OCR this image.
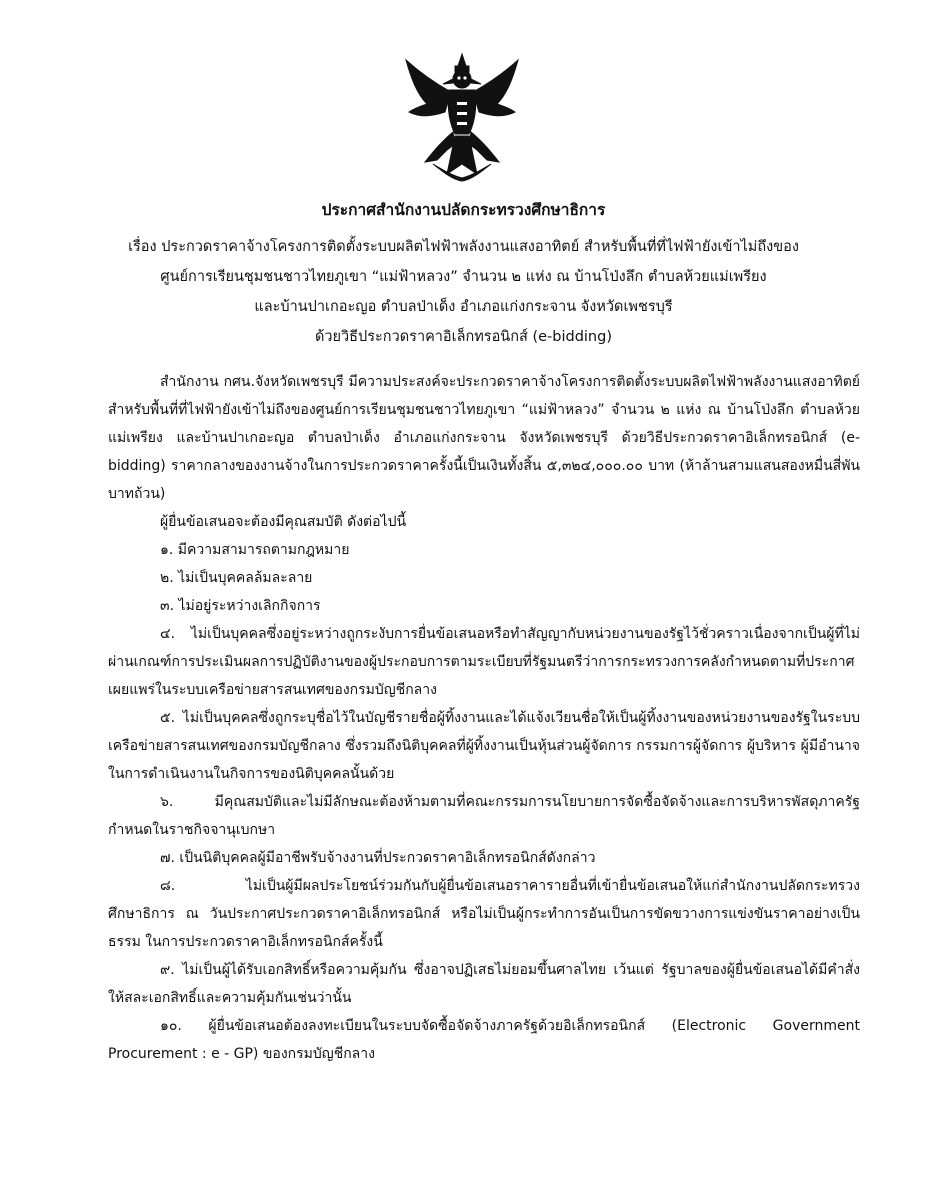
ประกาศสำนักงานปลัดกระทรวงศึกษาธิการ

เรื่อง ประกวดราคาจ้างโครงการติดตั้งระบบผลิตไฟฟ้าพลังงานแสงอาทิตย์ สำหรับพื้นที่ที่ไฟฟ้ายังเข้าไม่ถึงของ

ศูนย์การเรียนชุมชนชาวไทยภูเขา “แม่ฟ้าหลวง” จำนวน ๒ แห่ง ณ บ้านโป่งลึก ตำบลห้วยแม่เพรียง

และบ้านปาเกอะญอ ตำบลป่าเด็ง อำเภอแก่งกระจาน จังหวัดเพชรบุรี

ด้วยวิธีประกวดราคาอิเล็กทรอนิกส์ (e-bidding)

สำนักงาน กศน.จังหวัดเพชรบุรี มีความประสงค์จะประกวดราคาจ้างโครงการติดตั้งระบบผลิตไฟฟ้าพลังงานแสงอาทิตย์ สำหรับพื้นที่ที่ไฟฟ้ายังเข้าไม่ถึงของศูนย์การเรียนชุมชนชาวไทยภูเขา “แม่ฟ้าหลวง” จำนวน ๒ แห่ง ณ บ้านโป่งลึก ตำบลห้วยแม่เพรียง และบ้านปาเกอะญอ ตำบลป่าเด็ง อำเภอแก่งกระจาน จังหวัดเพชรบุรี ด้วยวิธีประกวดราคาอิเล็กทรอนิกส์ (e-bidding) ราคากลางของงานจ้างในการประกวดราคาครั้งนี้เป็นเงินทั้งสิ้น ๕,๓๒๔,๐๐๐.๐๐ บาท (ห้าล้านสามแสนสองหมื่นสี่พันบาทถ้วน)

ผู้ยื่นข้อเสนอจะต้องมีคุณสมบัติ ดังต่อไปนี้

๑. มีความสามารถตามกฎหมาย

๒. ไม่เป็นบุคคลล้มละลาย

๓. ไม่อยู่ระหว่างเลิกกิจการ

๔. ไม่เป็นบุคคลซึ่งอยู่ระหว่างถูกระงับการยื่นข้อเสนอหรือทำสัญญากับหน่วยงานของรัฐไว้ชั่วคราวเนื่องจากเป็นผู้ที่ไม่ผ่านเกณฑ์การประเมินผลการปฏิบัติงานของผู้ประกอบการตามระเบียบที่รัฐมนตรีว่าการกระทรวงการคลังกำหนดตามที่ประกาศเผยแพร่ในระบบเครือข่ายสารสนเทศของกรมบัญชีกลาง

๕. ไม่เป็นบุคคลซึ่งถูกระบุชื่อไว้ในบัญชีรายชื่อผู้ทิ้งงานและได้แจ้งเวียนชื่อให้เป็นผู้ทิ้งงานของหน่วยงานของรัฐในระบบเครือข่ายสารสนเทศของกรมบัญชีกลาง ซึ่งรวมถึงนิติบุคคลที่ผู้ทิ้งงานเป็นหุ้นส่วนผู้จัดการ กรรมการผู้จัดการ ผู้บริหาร ผู้มีอำนาจในการดำเนินงานในกิจการของนิติบุคคลนั้นด้วย

๖. มีคุณสมบัติและไม่มีลักษณะต้องห้ามตามที่คณะกรรมการนโยบายการจัดซื้อจัดจ้างและการบริหารพัสดุภาครัฐกำหนดในราชกิจจานุเบกษา

๗. เป็นนิติบุคคลผู้มีอาชีพรับจ้างงานที่ประกวดราคาอิเล็กทรอนิกส์ดังกล่าว

๘. ไม่เป็นผู้มีผลประโยชน์ร่วมกันกับผู้ยื่นข้อเสนอราคารายอื่นที่เข้ายื่นข้อเสนอให้แก่สำนักงานปลัดกระทรวงศึกษาธิการ ณ วันประกาศประกวดราคาอิเล็กทรอนิกส์ หรือไม่เป็นผู้กระทำการอันเป็นการขัดขวางการแข่งขันราคาอย่างเป็นธรรม ในการประกวดราคาอิเล็กทรอนิกส์ครั้งนี้

๙. ไม่เป็นผู้ได้รับเอกสิทธิ์หรือความคุ้มกัน ซึ่งอาจปฏิเสธไม่ยอมขึ้นศาลไทย เว้นแต่ รัฐบาลของผู้ยื่นข้อเสนอได้มีคำสั่งให้สละเอกสิทธิ์และความคุ้มกันเช่นว่านั้น

๑๐. ผู้ยื่นข้อเสนอต้องลงทะเบียนในระบบจัดซื้อจัดจ้างภาครัฐด้วยอิเล็กทรอนิกส์ (Electronic Government Procurement : e - GP) ของกรมบัญชีกลาง
